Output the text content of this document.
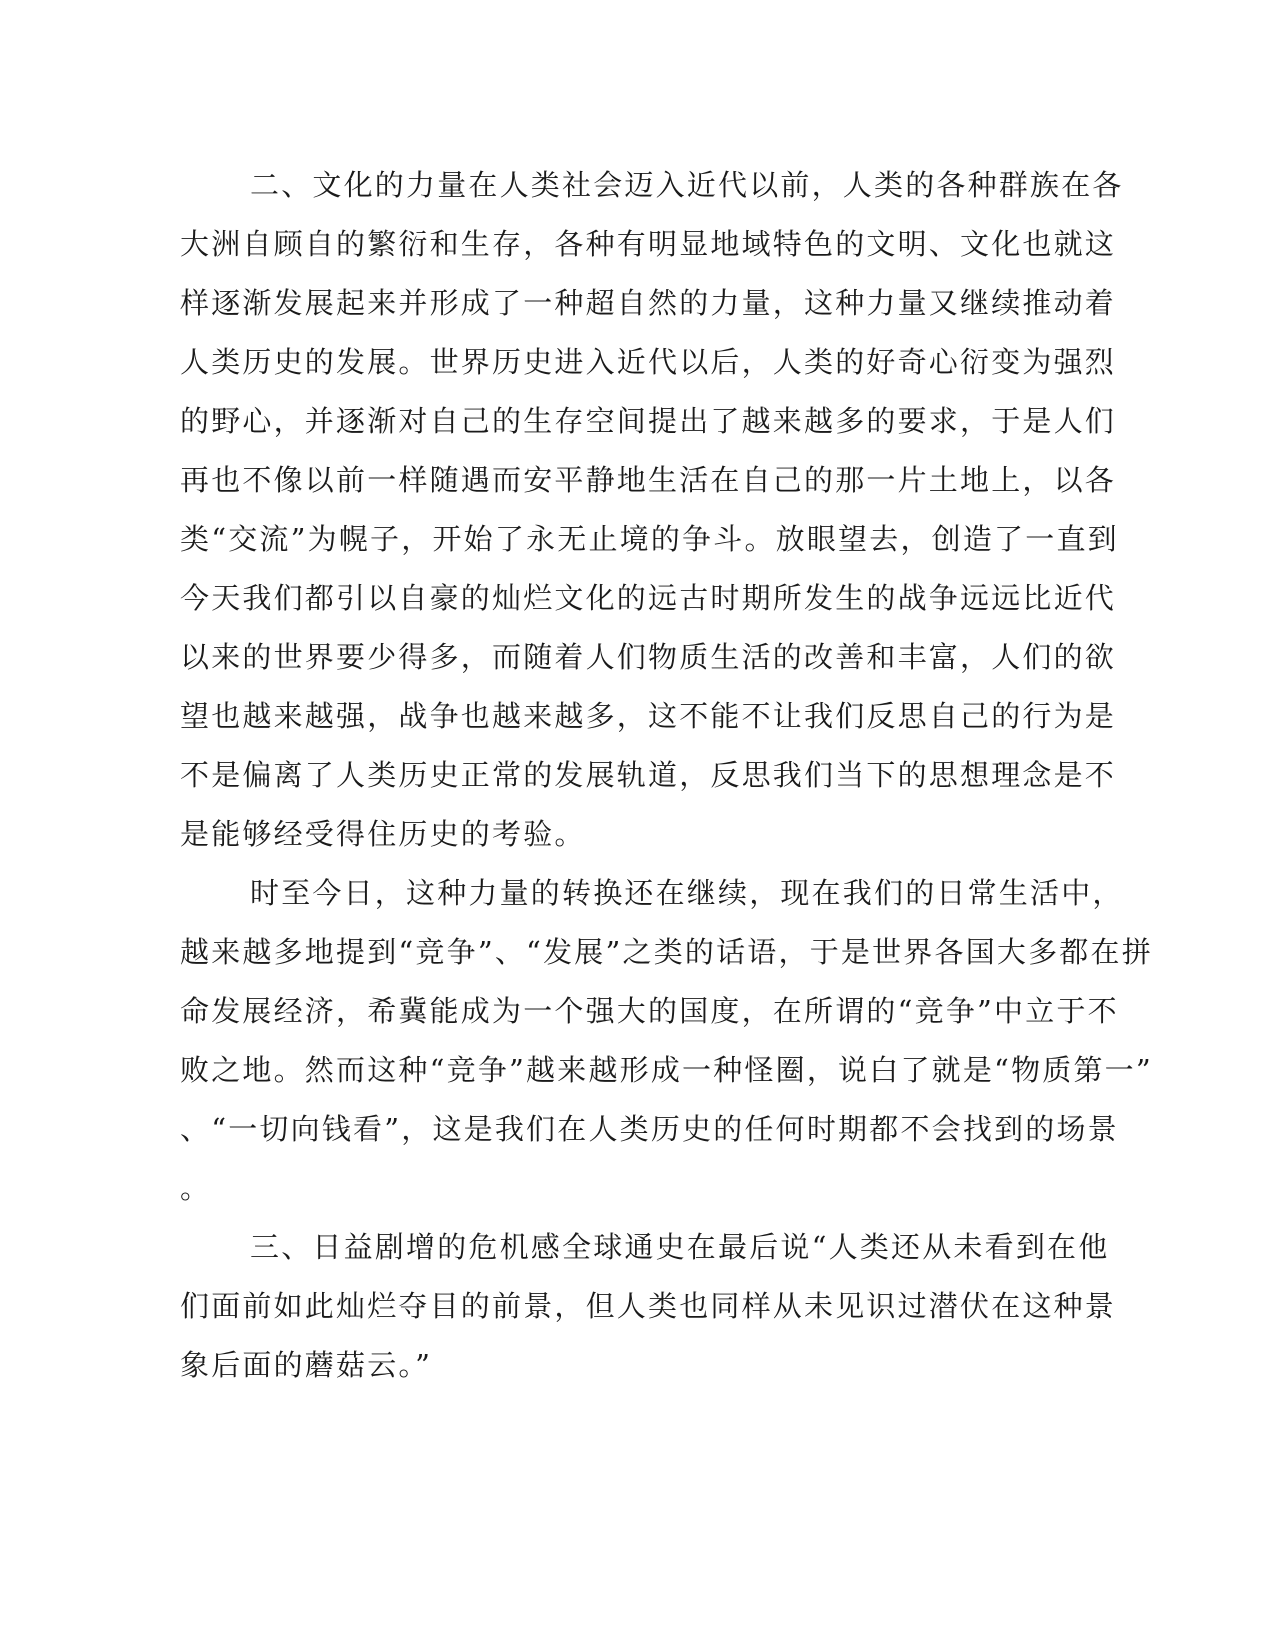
二、文化的力量在人类社会迈入近代以前，人类的各种群族在各
大洲自顾自的繁衍和生存，各种有明显地域特色的文明、文化也就这
样逐渐发展起来并形成了一种超自然的力量，这种力量又继续推动着
人类历史的发展。世界历史进入近代以后，人类的好奇心衍变为强烈
的野心，并逐渐对自己的生存空间提出了越来越多的要求，于是人们
再也不像以前一样随遇而安平静地生活在自己的那一片土地上，以各
类“交流”为幌子，开始了永无止境的争斗。放眼望去，创造了一直到
今天我们都引以自豪的灿烂文化的远古时期所发生的战争远远比近代
以来的世界要少得多，而随着人们物质生活的改善和丰富，人们的欲
望也越来越强，战争也越来越多，这不能不让我们反思自己的行为是
不是偏离了人类历史正常的发展轨道，反思我们当下的思想理念是不
是能够经受得住历史的考验。
时至今日，这种力量的转换还在继续，现在我们的日常生活中，
越来越多地提到“竞争”、“发展”之类的话语，于是世界各国大多都在拼
命发展经济，希冀能成为一个强大的国度，在所谓的“竞争”中立于不
败之地。然而这种“竞争”越来越形成一种怪圈，说白了就是“物质第一”
、“一切向钱看”，这是我们在人类历史的任何时期都不会找到的场景
。
三、日益剧增的危机感全球通史在最后说“人类还从未看到在他
们面前如此灿烂夺目的前景，但人类也同样从未见识过潜伏在这种景
象后面的蘑菇云。”
